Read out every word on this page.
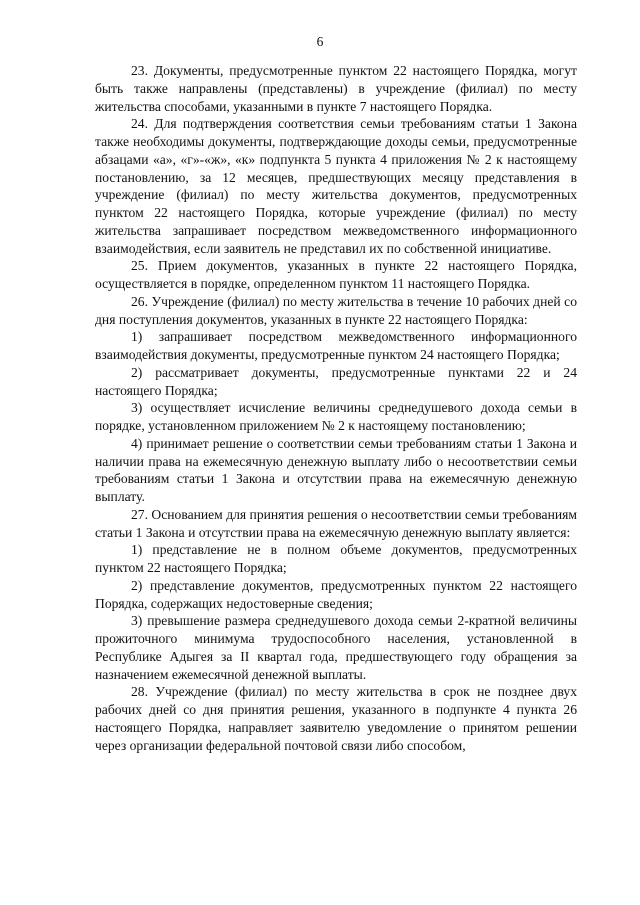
6

23. Документы, предусмотренные пунктом 22 настоящего Порядка, могут быть также направлены (представлены) в учреждение (филиал) по месту жительства способами, указанными в пункте 7 настоящего Порядка.

24. Для подтверждения соответствия семьи требованиям статьи 1 Закона также необходимы документы, подтверждающие доходы семьи, предусмотренные абзацами «а», «г»-«ж», «к» подпункта 5 пункта 4 приложения № 2 к настоящему постановлению, за 12 месяцев, предшествующих месяцу представления в учреждение (филиал) по месту жительства документов, предусмотренных пунктом 22 настоящего Порядка, которые учреждение (филиал) по месту жительства запрашивает посредством межведомственного информационного взаимодействия, если заявитель не представил их по собственной инициативе.

25. Прием документов, указанных в пункте 22 настоящего Порядка, осуществляется в порядке, определенном пунктом 11 настоящего Порядка.

26. Учреждение (филиал) по месту жительства в течение 10 рабочих дней со дня поступления документов, указанных в пункте 22 настоящего Порядка:

1) запрашивает посредством межведомственного информационного взаимодействия документы, предусмотренные пунктом 24 настоящего Порядка;

2) рассматривает документы, предусмотренные пунктами 22 и 24 настоящего Порядка;

3) осуществляет исчисление величины среднедушевого дохода семьи в порядке, установленном приложением № 2 к настоящему постановлению;

4) принимает решение о соответствии семьи требованиям статьи 1 Закона и наличии права на ежемесячную денежную выплату либо о несоответствии семьи требованиям статьи 1 Закона и отсутствии права на ежемесячную денежную выплату.

27. Основанием для принятия решения о несоответствии семьи требованиям статьи 1 Закона и отсутствии права на ежемесячную денежную выплату является:

1) представление не в полном объеме документов, предусмотренных пунктом 22 настоящего Порядка;

2) представление документов, предусмотренных пунктом 22 настоящего Порядка, содержащих недостоверные сведения;

3) превышение размера среднедушевого дохода семьи 2-кратной величины прожиточного минимума трудоспособного населения, установленной в Республике Адыгея за II квартал года, предшествующего году обращения за назначением ежемесячной денежной выплаты.

28. Учреждение (филиал) по месту жительства в срок не позднее двух рабочих дней со дня принятия решения, указанного в подпункте 4 пункта 26 настоящего Порядка, направляет заявителю уведомление о принятом решении через организации федеральной почтовой связи либо способом,
